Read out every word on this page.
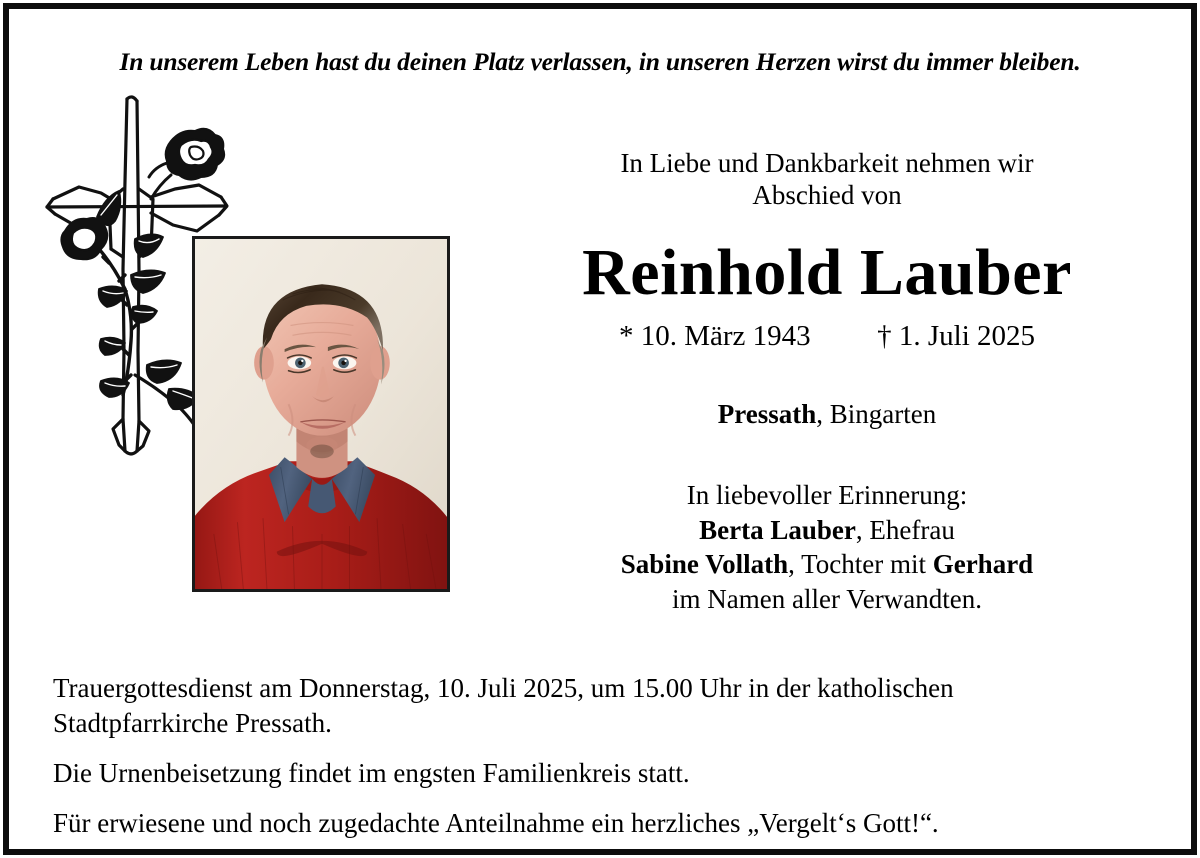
In unserem Leben hast du deinen Platz verlassen, in unseren Herzen wirst du immer bleiben.
In Liebe und Dankbarkeit nehmen wir
Abschied von
Reinhold Lauber
* 10. März 1943 † 1. Juli 2025
Pressath, Bingarten
In liebevoller Erinnerung:
Berta Lauber, Ehefrau
Sabine Vollath, Tochter mit Gerhard
im Namen aller Verwandten.
Trauergottesdienst am Donnerstag, 10. Juli 2025, um 15.00 Uhr in der katholischen
Stadtpfarrkirche Pressath.
Die Urnenbeisetzung findet im engsten Familienkreis statt.
Für erwiesene und noch zugedachte Anteilnahme ein herzliches „Vergelt‘s Gott!“.
